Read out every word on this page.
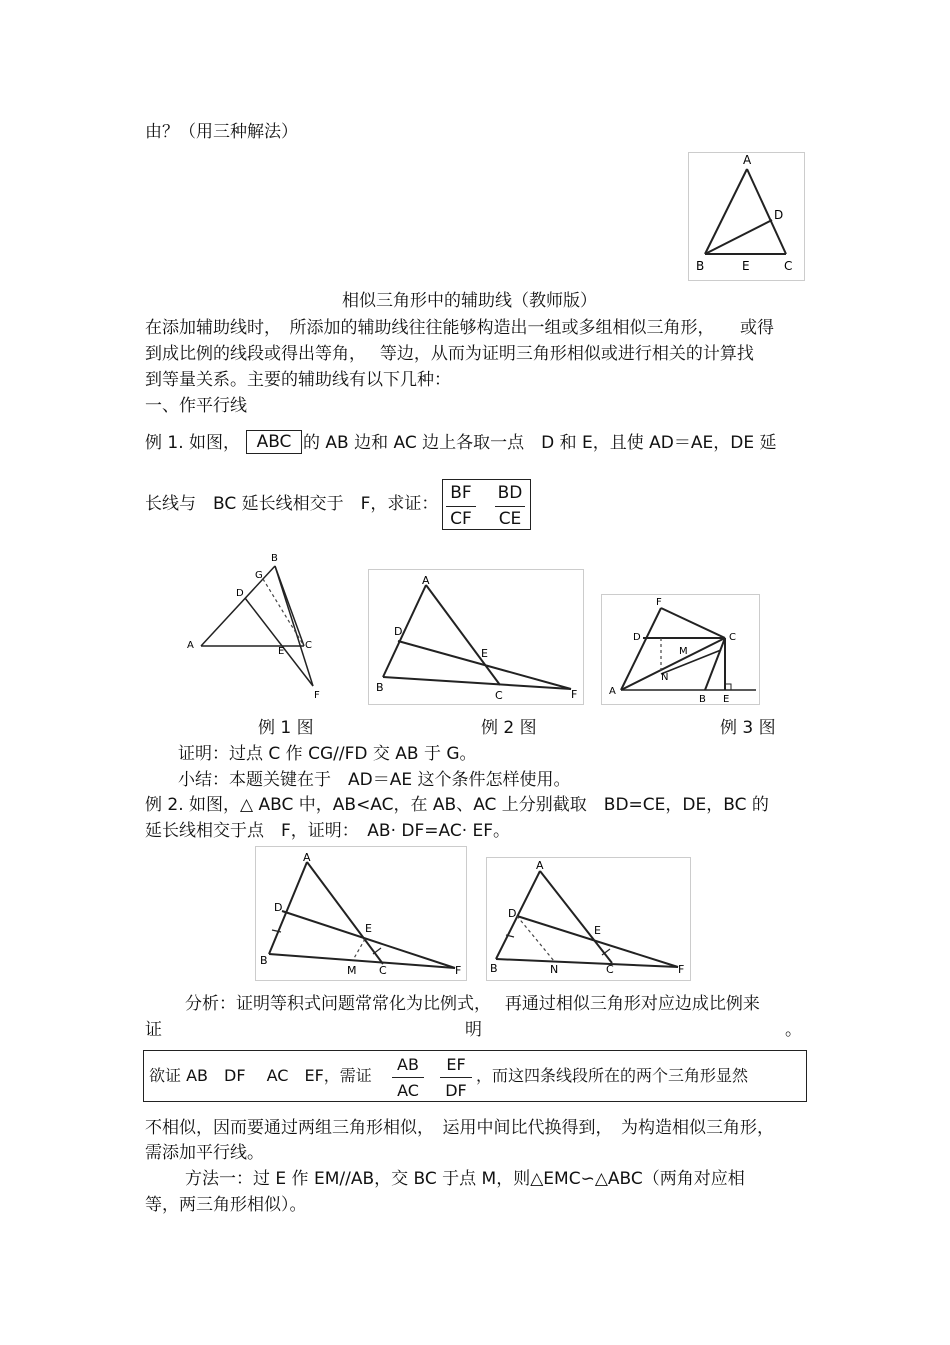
由？（用三种解法）
A
D
B	E	C
相似三角形中的辅助线（教师版）
在添加辅助线时，　所添加的辅助线往往能够构造出一组或多组相似三角形，　　或得
到成比例的线段或得出等角，　 等边，从而为证明三角形相似或进行相关的计算找
到等量关系。主要的辅助线有以下几种：
一、作平行线
例 1. 如图， ABC 的 AB 边和 AC 边上各取一点　D 和 E，且使 AD＝AE，DE 延
长线与　BC 延长线相交于　F，求证：
BF
CF
BD
CE
B
G
D
A
E
C
F
A
D
E
B
C	F
F
D	C
M
N
A
B E
例 1 图	例 2 图	例 3 图
证明：过点 C 作 CG//FD 交 AB 于 G。
小结：本题关键在于　AD＝AE 这个条件怎样使用。
例 2. 如图，△ ABC 中，AB<AC，在 AB、AC 上分别截取　BD=CE，DE，BC 的
延长线相交于点　F，证明：　AB· DF=AC· EF。
A
D
E
B
M C	F
A
D
E
B	N	C	F
分析：证明等积式问题常常化为比例式，　 再通过相似三角形对应边成比例来
证	明	。
欲证 AB　DF　 AC　EF，需证
AB
AC
EF
DF
，而这四条线段所在的两个三角形显然
不相似，因而要通过两组三角形相似，　运用中间比代换得到，　为构造相似三角形，
需添加平行线。
方法一：过 E 作 EM//AB，交 BC 于点 M，则△EMC∽△ABC（两角对应相
等，两三角形相似）。
